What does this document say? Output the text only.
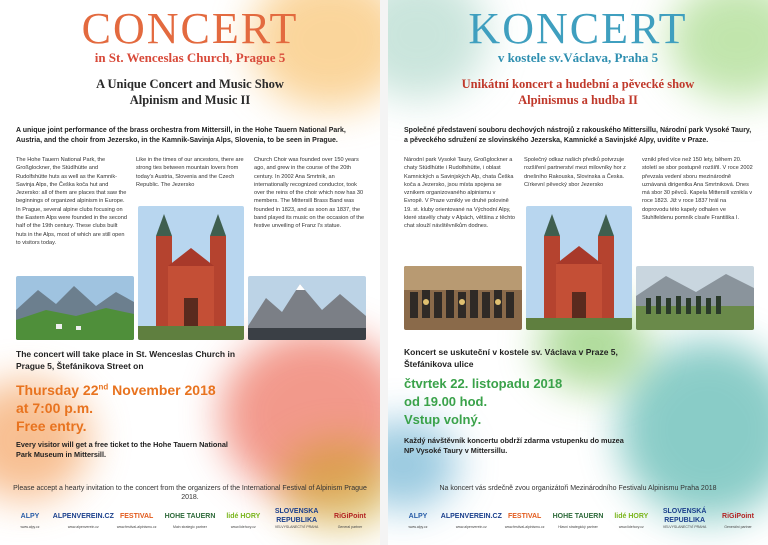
CONCERT
in St. Wenceslas Church, Prague 5
A Unique Concert and Music Show
Alpinism and Music II
A unique joint performance of the brass orchestra from Mittersill, in the Hohe Tauern National Park, Austria, and the choir from Jezersko, in the Kamnik-Savinja Alps, Slovenia, to be seen in Prague.
The Hohe Tauern National Park, the Großglockner, the Stüdlhütte and Rudolfshütte huts as well as the Kamnik-Savinja Alps, the Češka koča hut and Jezersko: all of them are places that saw the beginnings of organized alpinism in Europe. In Prague, several alpine clubs focusing on the Eastern Alps were founded in the second half of the 19th century. These clubs built huts in the Alps, most of which are still open to visitors today.
Like in the times of our ancestors, there are strong ties between mountain lovers from today's Austria, Slovenia and the Czech Republic. The Jezersko
Church Choir was founded over 150 years ago, and grew in the course of the 20th century. In 2002 Ana Smrtnik, an internationally recognized conductor, took over the reins of the choir which now has 30 members. The Mittersill Brass Band was founded in 1823, and as soon as 1837, the band played its music on the occasion of the festive unveiling of Franz I's statue.
The concert will take place in St. Wenceslas Church in Prague 5, Štefánikova Street on
Thursday 22nd November 2018
at 7:00 p.m.
Free entry.
Every visitor will get a free ticket to the Hohe Tauern National Park Museum in Mittersill.
Please accept a hearty invitation to the concert from the organizers of the International Festival of Alpinism Prague 2018.
ALPY
www.alpy.cz
ALPENVEREIN.CZ
www.alpenverein.cz
FESTIVAL
www.festival-alpinismu.cz
HOHE TAUERN
Main strategic partner
lidé HORY
www.lidehory.cz
SLOVENSKA REPUBLIKA
VELVYSLANECTVÍ PRAHA
RiGiPoint
General partner
KONCERT
v kostele sv.Václava, Praha 5
Unikátní koncert a hudební a pěvecké show
Alpinismus a hudba II
Společné představení souboru dechových nástrojů z rakouského Mittersillu, Národní park Vysoké Taury, a pěveckého sdružení ze slovinského Jezerska, Kamnické a Savinjské Alpy, uvidíte v Praze.
Národní park Vysoké Taury, Großglockner a chaty Stüdlhütte i Rudolfshütte, i oblast Kamnických a Savinjských Alp, chata Češka koča a Jezersko, jsou místa spojena se vznikem organizovaného alpinismu v Evropě. V Praze vznikly ve druhé polovině 19. st. kluby orientované na Východní Alpy, které stavěly chaty v Alpách, většina z těchto chat slouží návštěvníkům dodnes.
Společný odkaz našich předků potvrzuje rozšíření partnerství mezi milovníky hor z dnešního Rakouska, Slovinska a Česka. Církevní pěvecký sbor Jezersko
vznikl před více než 150 lety, během 20. století se sbor postupně rozšířil. V roce 2002 převzala vedení sboru mezinárodně uznávaná dirigentka Ana Smrtniková. Dnes má sbor 30 pěvců. Kapela Mittersill vznikla v roce 1823. Již v roce 1837 hrál na doprovodu této kapely odhalen ve Stuhlfeldenu pomník císaře Františka I.
Koncert se uskuteční v kostele sv. Václava v Praze 5, Štefánikova ulice
čtvrtek 22. listopadu 2018
od 19.00 hod.
Vstup volný.
Každý návštěvník koncertu obdrží zdarma vstupenku do muzea NP Vysoké Taury v Mittersillu.
Na koncert vás srdečně zvou organizátoři Mezinárodního Festivalu Alpinismu Praha 2018
ALPY
www.alpy.cz
ALPENVEREIN.CZ
www.alpenverein.cz
FESTIVAL
www.festival-alpinismu.cz
HOHE TAUERN
Hlavní strategický partner
lidé HORY
www.lidehory.cz
SLOVENSKÁ REPUBLIKA
VELVYSLANECTVÍ PRAHA
RiGiPoint
Generální partner
